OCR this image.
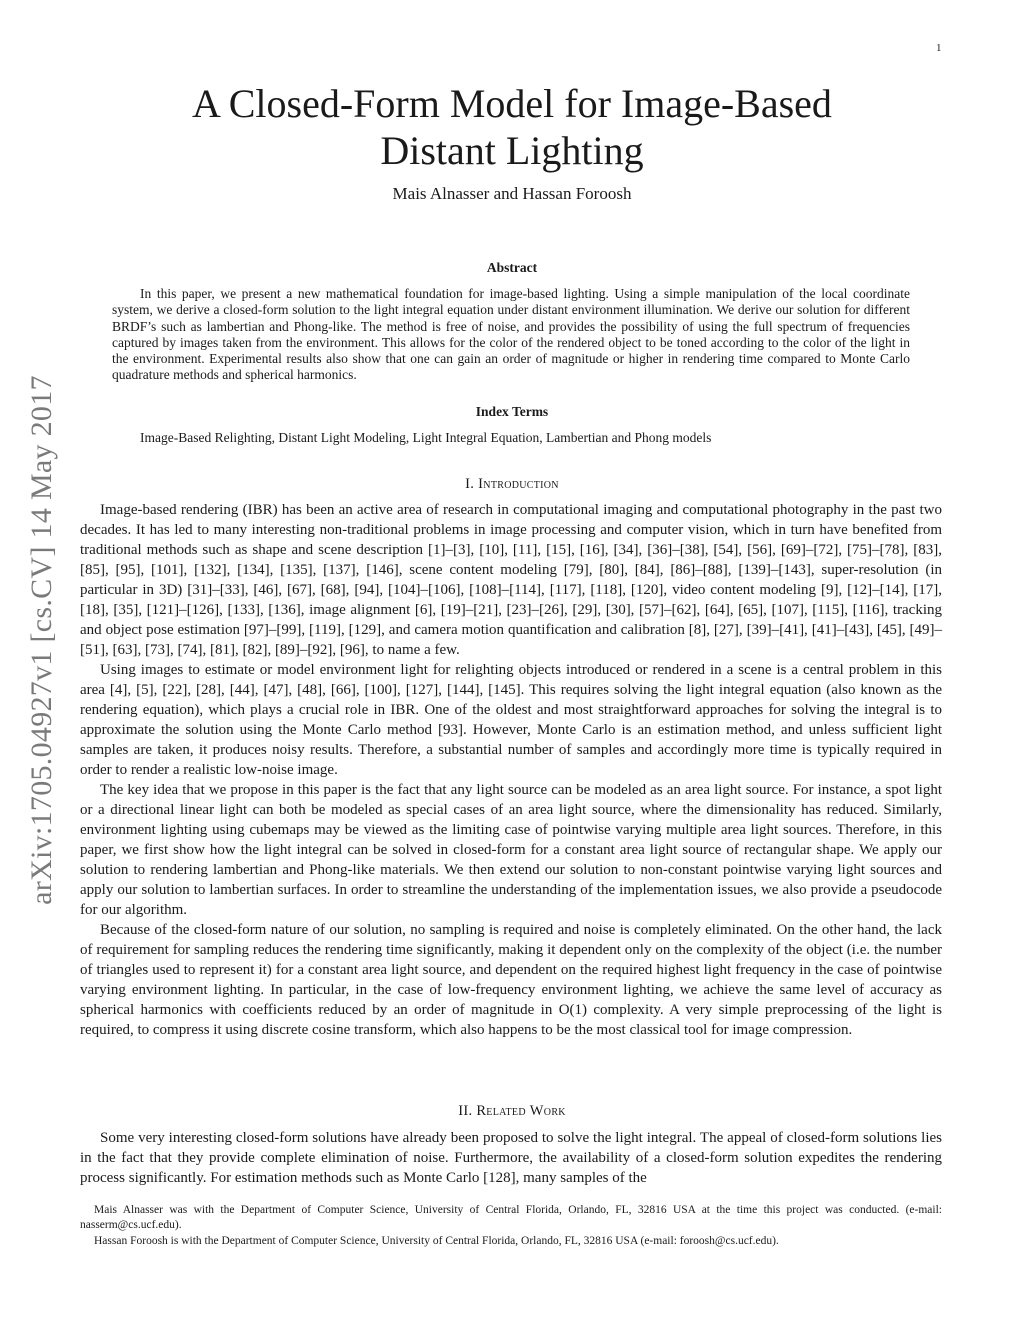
1
arXiv:1705.04927v1 [cs.CV] 14 May 2017
A Closed-Form Model for Image-Based
Distant Lighting
Mais Alnasser and Hassan Foroosh
Abstract

In this paper, we present a new mathematical foundation for image-based lighting. Using a simple manipulation of the local coordinate system, we derive a closed-form solution to the light integral equation under distant environment illumination. We derive our solution for different BRDF’s such as lambertian and Phong-like. The method is free of noise, and provides the possibility of using the full spectrum of frequencies captured by images taken from the environment. This allows for the color of the rendered object to be toned according to the color of the light in the environment. Experimental results also show that one can gain an order of magnitude or higher in rendering time compared to Monte Carlo quadrature methods and spherical harmonics.

Index Terms

Image-Based Relighting, Distant Light Modeling, Light Integral Equation, Lambertian and Phong models

I. Introduction

Image-based rendering (IBR) has been an active area of research in computational imaging and computational photography in the past two decades. It has led to many interesting non-traditional problems in image processing and computer vision, which in turn have benefited from traditional methods such as shape and scene description [1]–[3], [10], [11], [15], [16], [34], [36]–[38], [54], [56], [69]–[72], [75]–[78], [83], [85], [95], [101], [132], [134], [135], [137], [146], scene content modeling [79], [80], [84], [86]–[88], [139]–[143], super-resolution (in particular in 3D) [31]–[33], [46], [67], [68], [94], [104]–[106], [108]–[114], [117], [118], [120], video content modeling [9], [12]–[14], [17], [18], [35], [121]–[126], [133], [136], image alignment [6], [19]–[21], [23]–[26], [29], [30], [57]–[62], [64], [65], [107], [115], [116], tracking and object pose estimation [97]–[99], [119], [129], and camera motion quantification and calibration [8], [27], [39]–[41], [41]–[43], [45], [49]–[51], [63], [73], [74], [81], [82], [89]–[92], [96], to name a few.

Using images to estimate or model environment light for relighting objects introduced or rendered in a scene is a central problem in this area [4], [5], [22], [28], [44], [47], [48], [66], [100], [127], [144], [145]. This requires solving the light integral equation (also known as the rendering equation), which plays a crucial role in IBR. One of the oldest and most straightforward approaches for solving the integral is to approximate the solution using the Monte Carlo method [93]. However, Monte Carlo is an estimation method, and unless sufficient light samples are taken, it produces noisy results. Therefore, a substantial number of samples and accordingly more time is typically required in order to render a realistic low-noise image.

The key idea that we propose in this paper is the fact that any light source can be modeled as an area light source. For instance, a spot light or a directional linear light can both be modeled as special cases of an area light source, where the dimensionality has reduced. Similarly, environment lighting using cubemaps may be viewed as the limiting case of pointwise varying multiple area light sources. Therefore, in this paper, we first show how the light integral can be solved in closed-form for a constant area light source of rectangular shape. We apply our solution to rendering lambertian and Phong-like materials. We then extend our solution to non-constant pointwise varying light sources and apply our solution to lambertian surfaces. In order to streamline the understanding of the implementation issues, we also provide a pseudocode for our algorithm.

Because of the closed-form nature of our solution, no sampling is required and noise is completely eliminated. On the other hand, the lack of requirement for sampling reduces the rendering time significantly, making it dependent only on the complexity of the object (i.e. the number of triangles used to represent it) for a constant area light source, and dependent on the required highest light frequency in the case of pointwise varying environment lighting. In particular, in the case of low-frequency environment lighting, we achieve the same level of accuracy as spherical harmonics with coefficients reduced by an order of magnitude in O(1) complexity. A very simple preprocessing of the light is required, to compress it using discrete cosine transform, which also happens to be the most classical tool for image compression.

II. Related Work

Some very interesting closed-form solutions have already been proposed to solve the light integral. The appeal of closed-form solutions lies in the fact that they provide complete elimination of noise. Furthermore, the availability of a closed-form solution expedites the rendering process significantly. For estimation methods such as Monte Carlo [128], many samples of the

Mais Alnasser was with the Department of Computer Science, University of Central Florida, Orlando, FL, 32816 USA at the time this project was conducted. (e-mail: nasserm@cs.ucf.edu).

Hassan Foroosh is with the Department of Computer Science, University of Central Florida, Orlando, FL, 32816 USA (e-mail: foroosh@cs.ucf.edu).
